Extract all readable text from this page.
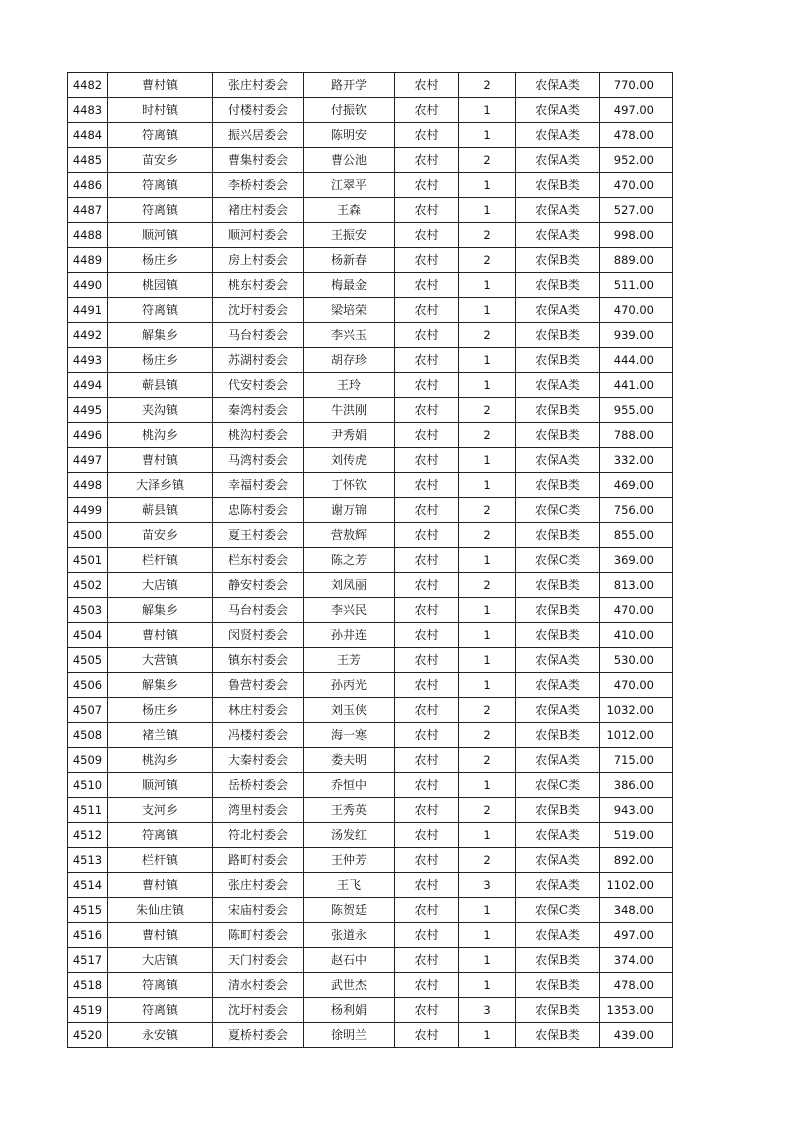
4482	曹村镇	张庄村委会	路开学	农村	2	农保A类	770.00
4483	时村镇	付楼村委会	付振钦	农村	1	农保A类	497.00
4484	符离镇	振兴居委会	陈明安	农村	1	农保A类	478.00
4485	苗安乡	曹集村委会	曹公池	农村	2	农保A类	952.00
4486	符离镇	李桥村委会	江翠平	农村	1	农保B类	470.00
4487	符离镇	褚庄村委会	王森	农村	1	农保A类	527.00
4488	顺河镇	顺河村委会	王振安	农村	2	农保A类	998.00
4489	杨庄乡	房上村委会	杨新春	农村	2	农保B类	889.00
4490	桃园镇	桃东村委会	梅最金	农村	1	农保B类	511.00
4491	符离镇	沈圩村委会	梁培荣	农村	1	农保A类	470.00
4492	解集乡	马台村委会	李兴玉	农村	2	农保B类	939.00
4493	杨庄乡	苏湖村委会	胡存珍	农村	1	农保B类	444.00
4494	蕲县镇	代安村委会	王玲	农村	1	农保A类	441.00
4495	夹沟镇	秦湾村委会	牛洪刚	农村	2	农保B类	955.00
4496	桃沟乡	桃沟村委会	尹秀娟	农村	2	农保B类	788.00
4497	曹村镇	马湾村委会	刘传虎	农村	1	农保A类	332.00
4498	大泽乡镇	幸福村委会	丁怀钦	农村	1	农保B类	469.00
4499	蕲县镇	忠陈村委会	谢万锦	农村	2	农保C类	756.00
4500	苗安乡	夏王村委会	营敖辉	农村	2	农保B类	855.00
4501	栏杆镇	栏东村委会	陈之芳	农村	1	农保C类	369.00
4502	大店镇	静安村委会	刘凤丽	农村	2	农保B类	813.00
4503	解集乡	马台村委会	李兴民	农村	1	农保B类	470.00
4504	曹村镇	闵贤村委会	孙井连	农村	1	农保B类	410.00
4505	大营镇	镇东村委会	王芳	农村	1	农保A类	530.00
4506	解集乡	鲁营村委会	孙丙光	农村	1	农保A类	470.00
4507	杨庄乡	林庄村委会	刘玉侠	农村	2	农保A类	1032.00
4508	褚兰镇	冯楼村委会	海一寒	农村	2	农保B类	1012.00
4509	桃沟乡	大秦村委会	娄夫明	农村	2	农保A类	715.00
4510	顺河镇	岳桥村委会	乔恒中	农村	1	农保C类	386.00
4511	支河乡	湾里村委会	王秀英	农村	2	农保B类	943.00
4512	符离镇	符北村委会	汤发红	农村	1	农保A类	519.00
4513	栏杆镇	路町村委会	王仲芳	农村	2	农保A类	892.00
4514	曹村镇	张庄村委会	王飞	农村	3	农保A类	1102.00
4515	朱仙庄镇	宋庙村委会	陈贺廷	农村	1	农保C类	348.00
4516	曹村镇	陈町村委会	张道永	农村	1	农保A类	497.00
4517	大店镇	天门村委会	赵石中	农村	1	农保B类	374.00
4518	符离镇	清水村委会	武世杰	农村	1	农保B类	478.00
4519	符离镇	沈圩村委会	杨利娟	农村	3	农保B类	1353.00
4520	永安镇	夏桥村委会	徐明兰	农村	1	农保B类	439.00
